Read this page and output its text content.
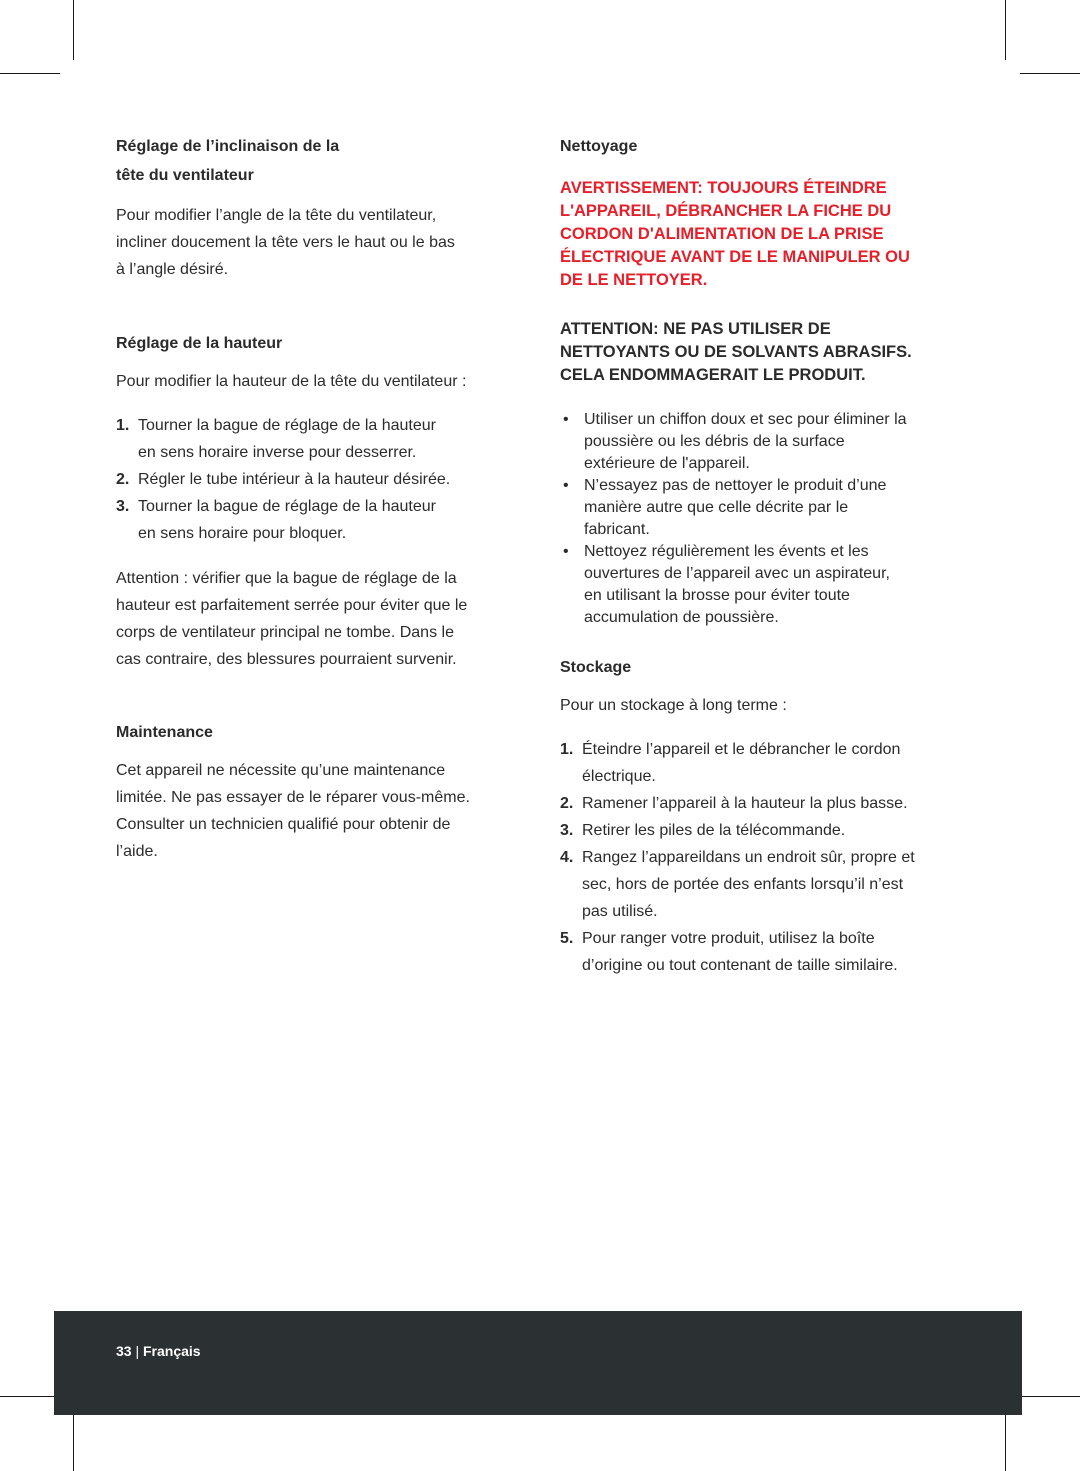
Réglage de l’inclinaison de la
tête du ventilateur

Pour modifier l’angle de la tête du ventilateur,
incliner doucement la tête vers le haut ou le bas
à l’angle désiré.

Réglage de la hauteur

Pour modifier la hauteur de la tête du ventilateur :

1. Tourner la bague de réglage de la hauteur
en sens horaire inverse pour desserrer.
2. Régler le tube intérieur à la hauteur désirée.
3. Tourner la bague de réglage de la hauteur
en sens horaire pour bloquer.

Attention : vérifier que la bague de réglage de la
hauteur est parfaitement serrée pour éviter que le
corps de ventilateur principal ne tombe. Dans le
cas contraire, des blessures pourraient survenir.

Maintenance

Cet appareil ne nécessite qu’une maintenance
limitée. Ne pas essayer de le réparer vous-même.
Consulter un technicien qualifié pour obtenir de
l’aide.

Nettoyage
AVERTISSEMENT: TOUJOURS ÉTEINDRE
L'APPAREIL, DÉBRANCHER LA FICHE DU
CORDON D'ALIMENTATION DE LA PRISE
ÉLECTRIQUE AVANT DE LE MANIPULER OU
DE LE NETTOYER.
ATTENTION: NE PAS UTILISER DE
NETTOYANTS OU DE SOLVANTS ABRASIFS.
CELA ENDOMMAGERAIT LE PRODUIT.
• Utiliser un chiffon doux et sec pour éliminer la
poussière ou les débris de la surface
extérieure de l'appareil.
• N’essayez pas de nettoyer le produit d’une
manière autre que celle décrite par le
fabricant.
• Nettoyez régulièrement les évents et les
ouvertures de l’appareil avec un aspirateur,
en utilisant la brosse pour éviter toute
accumulation de poussière.
Stockage

Pour un stockage à long terme :

1. Éteindre l’appareil et le débrancher le cordon
électrique.
2. Ramener l’appareil à la hauteur la plus basse.
3. Retirer les piles de la télécommande.
4. Rangez l’appareildans un endroit sûr, propre et
sec, hors de portée des enfants lorsqu’il n’est
pas utilisé.
5. Pour ranger votre produit, utilisez la boîte
d’origine ou tout contenant de taille similaire.
33 | Français
